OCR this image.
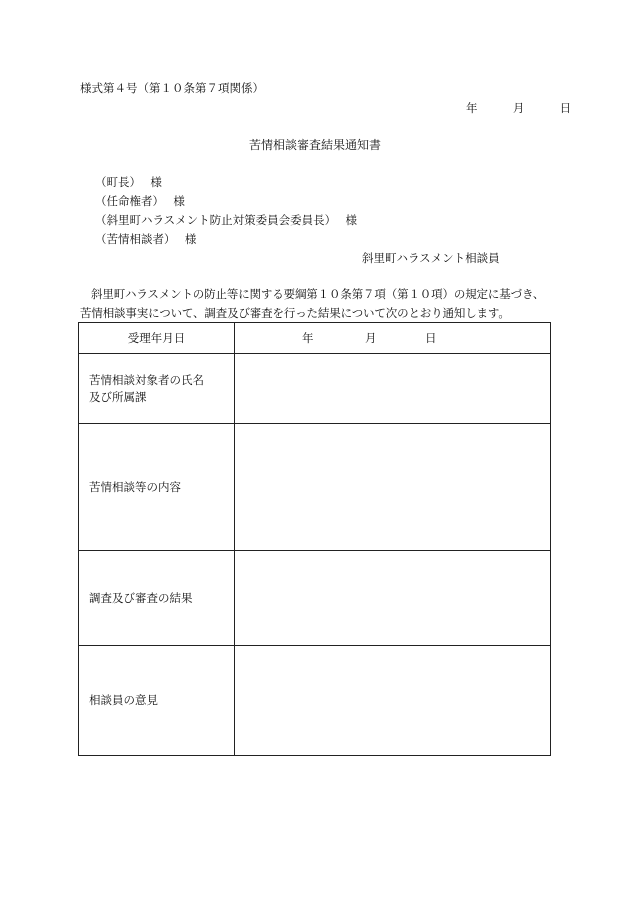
様式第４号（第１０条第７項関係）
年	月	日
苦情相談審査結果通知書
（町長）　 様
（任命権者）　 様
（斜里町ハラスメント防止対策委員会委員長）　 様
（苦情相談者）　 様
斜里町ハラスメント相談員
斜里町ハラスメントの防止等に関する要綱第１０条第７項（第１０項）の規定に基づき、苦情相談事実について、調査及び審査を行った結果について次のとおり通知します。
受理年月日	年 月 日

苦情相談対象者の氏名
及び所属課	
苦情相談等の内容	
調査及び審査の結果	
相談員の意見	
